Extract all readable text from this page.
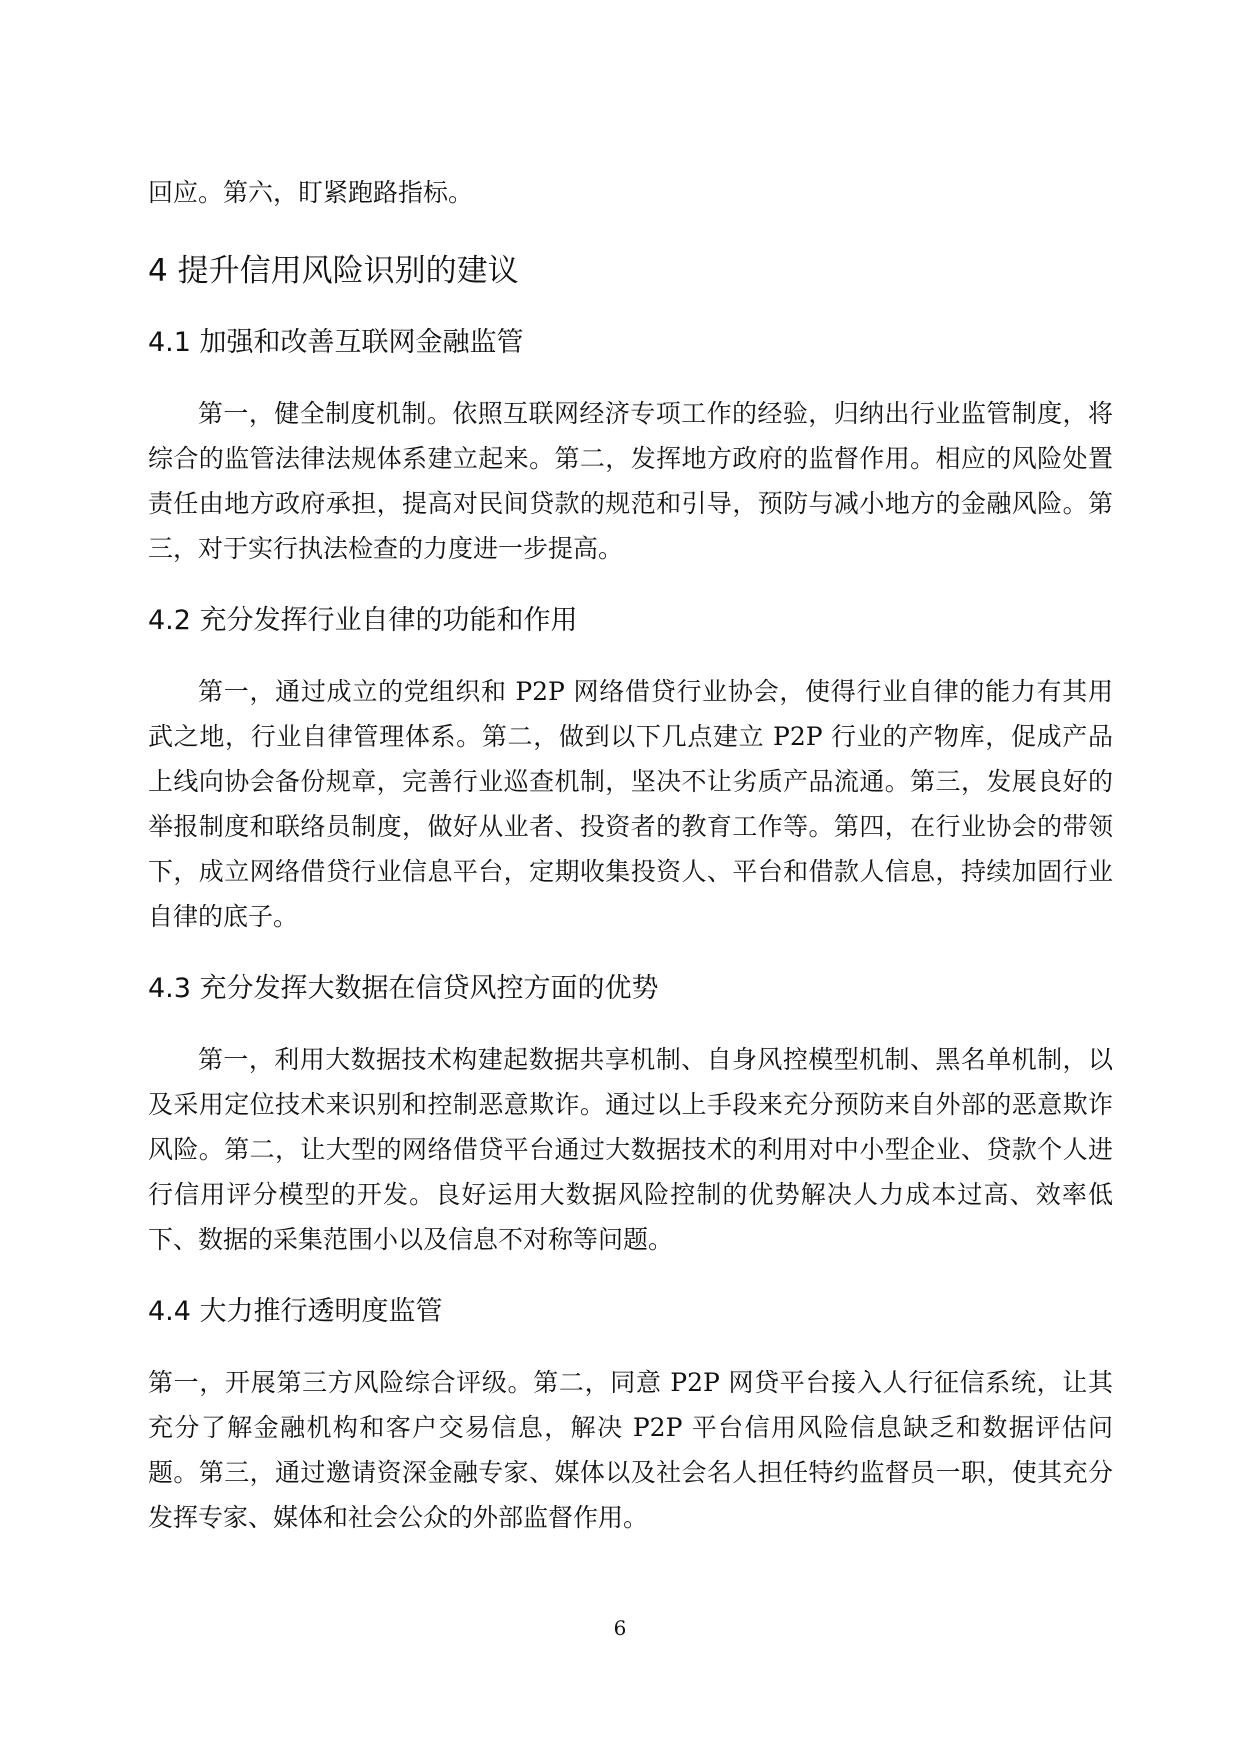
回应。第六，盯紧跑路指标。

4 提升信用风险识别的建议
4.1 加强和改善互联网金融监管

第一，健全制度机制。依照互联网经济专项工作的经验，归纳出行业监管制度，将综合的监管法律法规体系建立起来。第二，发挥地方政府的监督作用。相应的风险处置责任由地方政府承担，提高对民间贷款的规范和引导，预防与减小地方的金融风险。第三，对于实行执法检查的力度进一步提高。

4.2 充分发挥行业自律的功能和作用

第一，通过成立的党组织和 P2P 网络借贷行业协会，使得行业自律的能力有其用武之地，行业自律管理体系。第二，做到以下几点建立 P2P 行业的产物库，促成产品上线向协会备份规章，完善行业巡查机制，坚决不让劣质产品流通。第三，发展良好的举报制度和联络员制度，做好从业者、投资者的教育工作等。第四，在行业协会的带领下，成立网络借贷行业信息平台，定期收集投资人、平台和借款人信息，持续加固行业自律的底子。

4.3 充分发挥大数据在信贷风控方面的优势

第一，利用大数据技术构建起数据共享机制、自身风控模型机制、黑名单机制，以及采用定位技术来识别和控制恶意欺诈。通过以上手段来充分预防来自外部的恶意欺诈风险。第二，让大型的网络借贷平台通过大数据技术的利用对中小型企业、贷款个人进行信用评分模型的开发。良好运用大数据风险控制的优势解决人力成本过高、效率低下、数据的采集范围小以及信息不对称等问题。

4.4 大力推行透明度监管

第一，开展第三方风险综合评级。第二，同意 P2P 网贷平台接入人行征信系统，让其充分了解金融机构和客户交易信息，解决 P2P 平台信用风险信息缺乏和数据评估问题。第三，通过邀请资深金融专家、媒体以及社会名人担任特约监督员一职，使其充分发挥专家、媒体和社会公众的外部监督作用。

6
